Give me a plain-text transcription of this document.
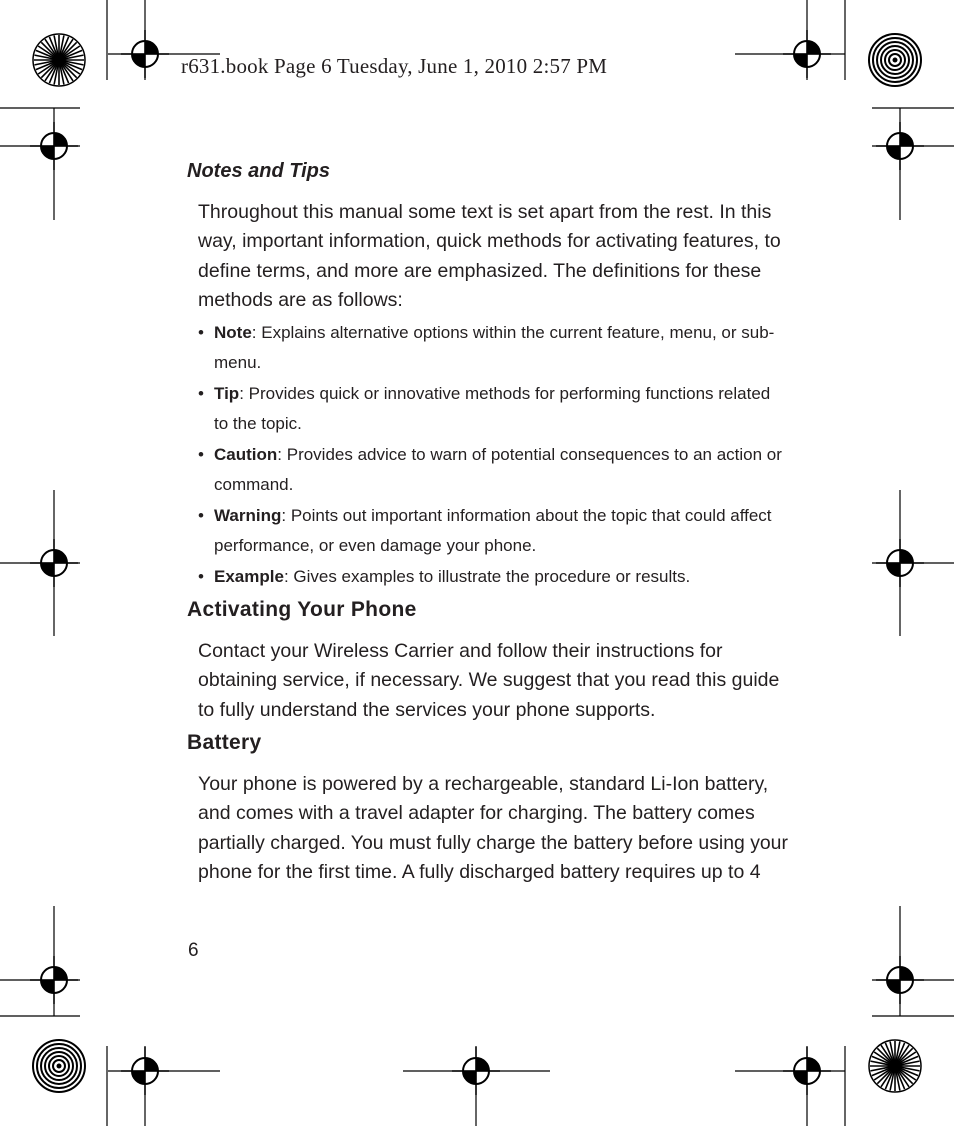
r631.book Page 6 Tuesday, June 1, 2010 2:57 PM
Notes and Tips
Throughout this manual some text is set apart from the rest. In this
way, important information, quick methods for activating features, to
define terms, and more are emphasized. The definitions for these
methods are as follows:
• Note: Explains alternative options within the current feature, menu, or sub-
menu.
• Tip: Provides quick or innovative methods for performing functions related
to the topic.
• Caution: Provides advice to warn of potential consequences to an action or
command.
• Warning: Points out important information about the topic that could affect
performance, or even damage your phone.
• Example: Gives examples to illustrate the procedure or results.
Activating Your Phone
Contact your Wireless Carrier and follow their instructions for
obtaining service, if necessary. We suggest that you read this guide
to fully understand the services your phone supports.
Battery
Your phone is powered by a rechargeable, standard Li-Ion battery,
and comes with a travel adapter for charging. The battery comes
partially charged. You must fully charge the battery before using your
phone for the first time. A fully discharged battery requires up to 4
6
